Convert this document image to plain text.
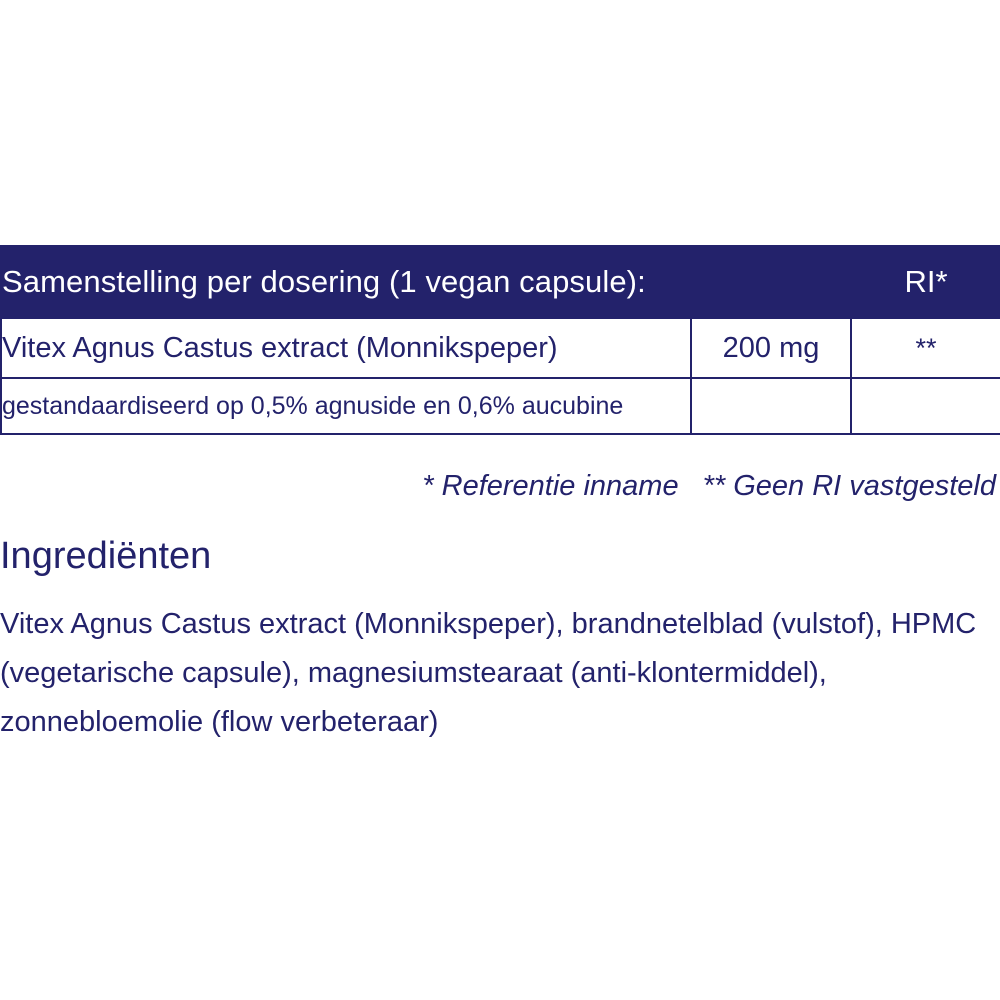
Samenstelling per dosering (1 vegan capsule):		RI*
Vitex Agnus Castus extract (Monnikspeper)	200 mg	**
gestandaardiseerd op 0,5% agnuside en 0,6% aucubine		
* Referentie inname ** Geen RI vastgesteld
Ingrediënten
Vitex Agnus Castus extract (Monnikspeper), brandnetelblad (vulstof), HPMC (vegetarische capsule), magnesiumstearaat (anti-klontermiddel), zonnebloemolie (flow verbeteraar)
